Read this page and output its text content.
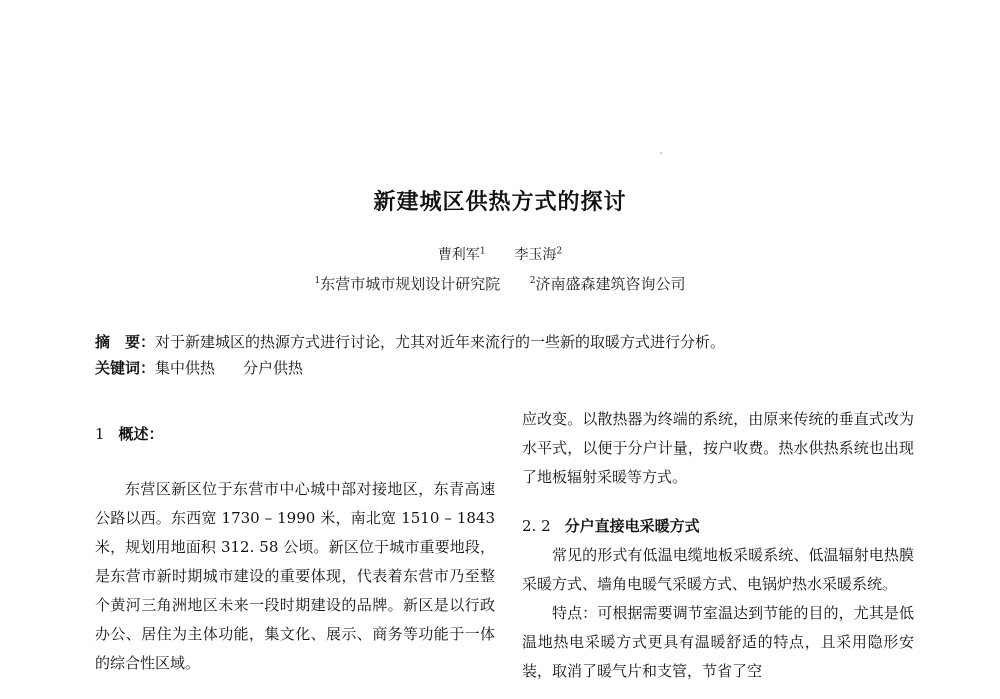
新建城区供热方式的探讨
曹利军$^1$ 李玉海$^2$
$^1$东营市城市规划设计研究院	$^2$济南盛森建筑咨询公司
摘　要：对于新建城区的热源方式进行讨论，尤其对近年来流行的一些新的取暖方式进行分析。
关键词：集中供热 分户供热

1 概述：

东营区新区位于东营市中心城中部对接地区，东青高速公路以西。东西宽 1730 – 1990 米，南北宽 1510 – 1843 米，规划用地面积 312. 58 公顷。新区位于城市重要地段，是东营市新时期城市建设的重要体现，代表着东营市乃至整个黄河三角洲地区未来一段时期建设的品牌。新区是以行政办公、居住为主体功能，集文化、展示、商务等功能于一体的综合性区域。

应改变。以散热器为终端的系统，由原来传统的垂直式改为水平式，以便于分户计量，按户收费。热水供热系统也出现了地板辐射采暖等方式。

2. 2 分户直接电采暖方式

常见的形式有低温电缆地板采暖系统、低温辐射电热膜采暖方式、墙角电暖气采暖方式、电锅炉热水采暖系统。

特点：可根据需要调节室温达到节能的目的，尤其是低温地热电采暖方式更具有温暖舒适的特点，且采用隐形安装，取消了暖气片和支管，节省了空
